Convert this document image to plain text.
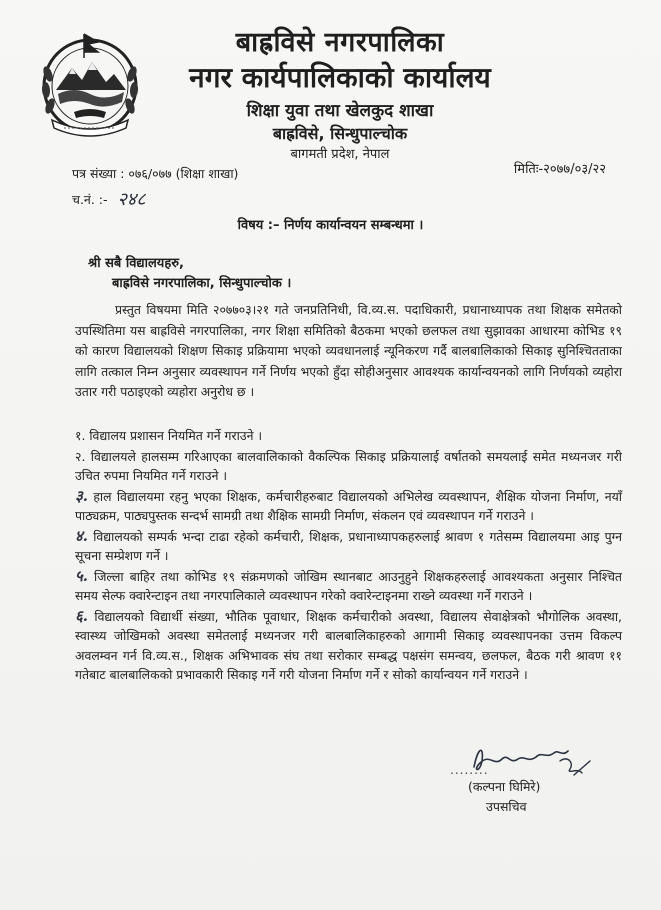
बाह्रविसे नगरपालिका
नगर कार्यपालिकाको कार्यालय
शिक्षा युवा तथा खेलकुद शाखा
बाह्रविसे, सिन्धुपाल्चोक
बागमती प्रदेश, नेपाल
पत्र संख्या : ०७६/०७७ (शिक्षा शाखा)
च.नं. :- २४८
मितिः-२०७७/०३/२२
विषय :– निर्णय कार्यान्वयन सम्बन्धमा ।
श्री सबै विद्यालयहरु,
बाह्रविसे नगरपालिका, सिन्धुपाल्चोक ।
प्रस्तुत विषयमा मिति २०७७०३।२१ गते जनप्रतिनिधी, वि.व्य.स. पदाधिकारी, प्रधानाध्यापक तथा शिक्षक समेतको उपस्थितिमा यस बाह्रविसे नगरपालिका, नगर शिक्षा समितिको बैठकमा भएको छलफल तथा सुझावका आधारमा कोभिड १९ को कारण विद्यालयको शिक्षण सिकाइ प्रक्रियामा भएको व्यवधानलाई न्यूनिकरण गर्दै बालबालिकाको सिकाइ सुनिश्चितताका लागि तत्काल निम्न अनुसार व्यवस्थापन गर्ने निर्णय भएको हुँदा सोहीअनुसार आवश्यक कार्यान्वयनको लागि निर्णयको व्यहोरा उतार गरी पठाइएको व्यहोरा अनुरोध छ ।
१. विद्यालय प्रशासन नियमित गर्ने गराउने ।
२. विद्यालयले हालसम्म गरिआएका बालवालिकाको वैकल्पिक सिकाइ प्रक्रियालाई वर्षातको समयलाई समेत मध्यनजर गरी उचित रुपमा नियमित गर्ने गराउने ।
३. हाल विद्यालयमा रहनु भएका शिक्षक, कर्मचारीहरुबाट विद्यालयको अभिलेख व्यवस्थापन, शैक्षिक योजना निर्माण, नयाँ पाठ्यक्रम, पाठ्यपुस्तक सन्दर्भ सामग्री तथा शैक्षिक सामग्री निर्माण, संकलन एवं व्यवस्थापन गर्ने गराउने ।
४. विद्यालयको सम्पर्क भन्दा टाढा रहेको कर्मचारी, शिक्षक, प्रधानाध्यापकहरुलाई श्रावण १ गतेसम्म विद्यालयमा आइ पुग्न सूचना सम्प्रेशण गर्ने ।
५. जिल्ला बाहिर तथा कोभिड १९ संक्रमणको जोखिम स्थानबाट आउनुहुने शिक्षकहरुलाई आवश्यकता अनुसार निश्चित समय सेल्फ क्वारेन्टाइन तथा नगरपालिकाले व्यवस्थापन गरेको क्वारेन्टाइनमा राख्ने व्यवस्था गर्ने गराउने ।
६. विद्यालयको विद्यार्थी संख्या, भौतिक पूवाधार, शिक्षक कर्मचारीको अवस्था, विद्यालय सेवाक्षेत्रको भौगोलिक अवस्था, स्वास्थ्य जोखिमको अवस्था समेतलाई मध्यनजर गरी बालबालिकाहरुको आगामी सिकाइ व्यवस्थापनका उत्तम विकल्प अवलम्वन गर्न वि.व्य.स., शिक्षक अभिभावक संघ तथा सरोकार सम्बद्ध पक्षसंग समन्वय, छलफल, बैठक गरी श्रावण ११ गतेबाट बालबालिकको प्रभावकारी सिकाइ गर्ने गरी योजना निर्माण गर्ने र सोको कार्यान्वयन गर्ने गराउने ।
........
(कल्पना घिमिरे)
उपसचिव
